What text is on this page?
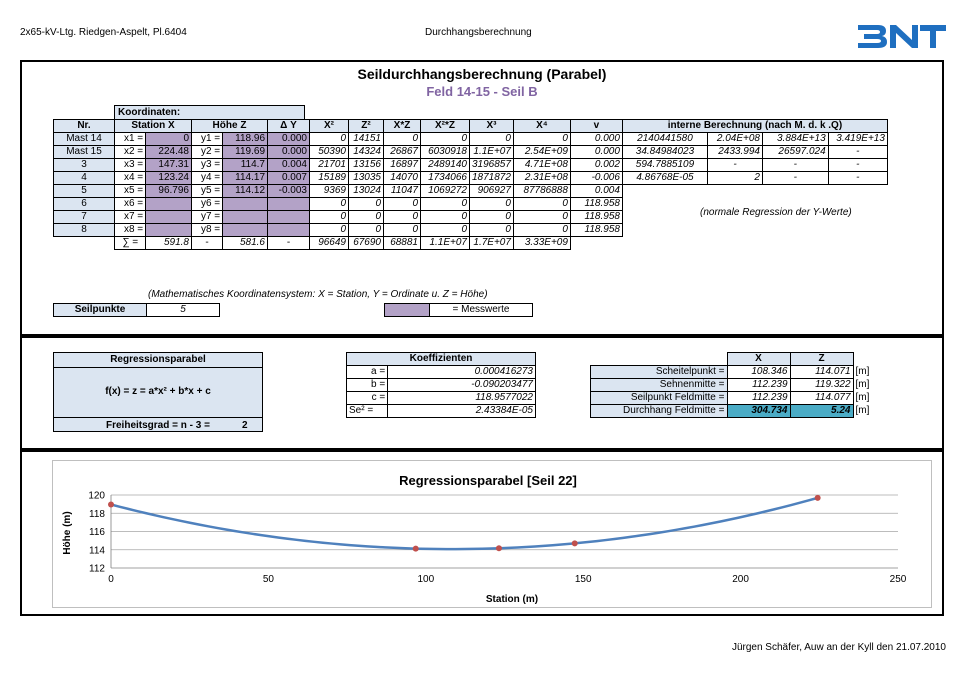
2x65-kV-Ltg. Riedgen-Aspelt, Pl.6404	Durchhangsberechnung
Seildurchhangsberechnung (Parabel)
Feld 14-15 - Seil B
Koordinaten:
Nr.	Station X		Höhe Z		Δ Y	X²	Z²	X*Z	X²*Z	X³	X⁴	v	interne Berechnung (nach M. d. k .Q)			
Mast 14	x1 =	0	y1 =	118.96	0.000	0	14151	0	0	0	0	0.000	2140441580	2.04E+08	3.884E+13	3.419E+13
Mast 15	x2 =	224.48	y2 =	119.69	0.000	50390	14324	26867	6030918	1.1E+07	2.54E+09	0.000	34.84984023	2433.994	26597.024	-
3	x3 =	147.31	y3 =	114.7	0.004	21701	13156	16897	2489140	3196857	4.71E+08	0.002	594.7885109	-	-	-
4	x4 =	123.24	y4 =	114.17	0.007	15189	13035	14070	1734066	1871872	2.31E+08	-0.006	4.86768E-05	2	-	-
5	x5 =	96.796	y5 =	114.12	-0.003	9369	13024	11047	1069272	906927	87786888	0.004				
6	x6 =		y6 =			0	0	0	0	0	0	118.958				
7	x7 =		y7 =			0	0	0	0	0	0	118.958				
8	x8 =		y8 =			0	0	0	0	0	0	118.958				
	∑ =	591.8	-	581.6	-	96649	67690	68881	1.1E+07	1.7E+07	3.33E+09					
(Mathematisches Koordinatensystem: X = Station, Y = Ordinate u. Z = Höhe)
(normale Regression der Y-Werte)
Seilpunkte	5	= Messwerte
Regressionsparabel
f(x) = z = a*x² + b*x + c
Freiheitsgrad = n - 3 =	2
Koeffizienten	
a =	0.000416273
b =	-0.090203477
c =	118.9577022
Se² =	2.43384E-05
	X	Z	
Scheitelpunkt =	108.346	114.071	[m]
Sehnenmitte =	112.239	119.322	[m]
Seilpunkt Feldmitte =	112.239	114.077	[m]
Durchhang Feldmitte =	304.734	5.24	[m]
Regressionsparabel [Seil 22]
Station (m)
Höhe (m)
112
114
116
118
120
0	50	100	150	200	250
Jürgen Schäfer, Auw an der Kyll den 21.07.2010
